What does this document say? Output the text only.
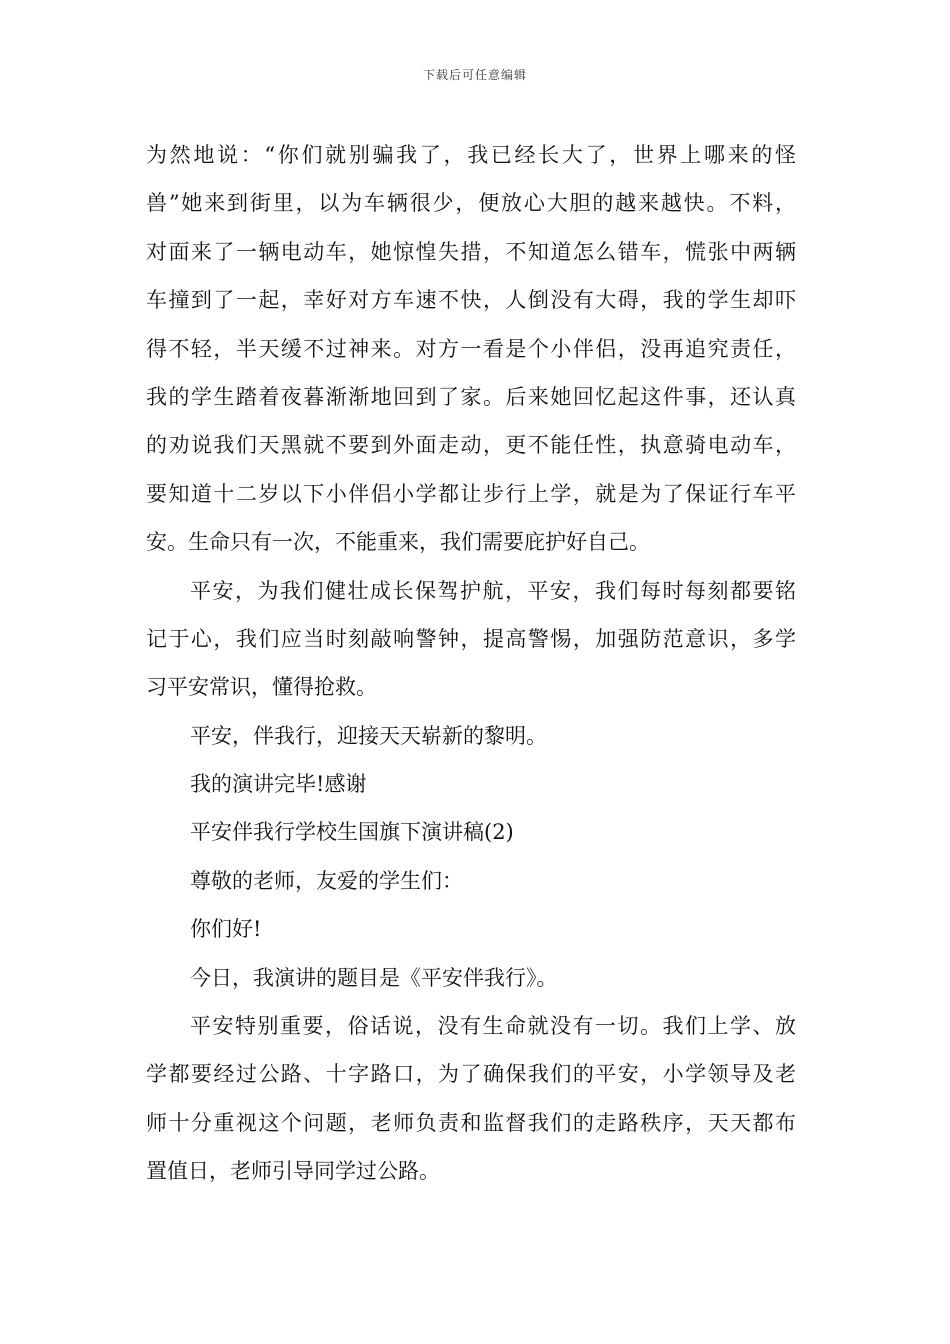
下载后可任意编辑
为然地说：“你们就别骗我了，我已经长大了，世界上哪来的怪
兽”她来到街里，以为车辆很少，便放心大胆的越来越快。不料，
对面来了一辆电动车，她惊惶失措，不知道怎么错车，慌张中两辆
车撞到了一起，幸好对方车速不快，人倒没有大碍，我的学生却吓
得不轻，半天缓不过神来。对方一看是个小伴侣，没再追究责任，
我的学生踏着夜暮渐渐地回到了家。后来她回忆起这件事，还认真
的劝说我们天黑就不要到外面走动，更不能任性，执意骑电动车，
要知道十二岁以下小伴侣小学都让步行上学，就是为了保证行车平
安。生命只有一次，不能重来，我们需要庇护好自己。
平安，为我们健壮成长保驾护航，平安，我们每时每刻都要铭
记于心，我们应当时刻敲响警钟，提高警惕，加强防范意识，多学
习平安常识，懂得抢救。
平安，伴我行，迎接天天崭新的黎明。
我的演讲完毕!感谢
平安伴我行学校生国旗下演讲稿(2)
尊敬的老师，友爱的学生们：
你们好!
今日，我演讲的题目是《平安伴我行》。
平安特别重要，俗话说，没有生命就没有一切。我们上学、放
学都要经过公路、十字路口，为了确保我们的平安，小学领导及老
师十分重视这个问题，老师负责和监督我们的走路秩序，天天都布
置值日，老师引导同学过公路。
